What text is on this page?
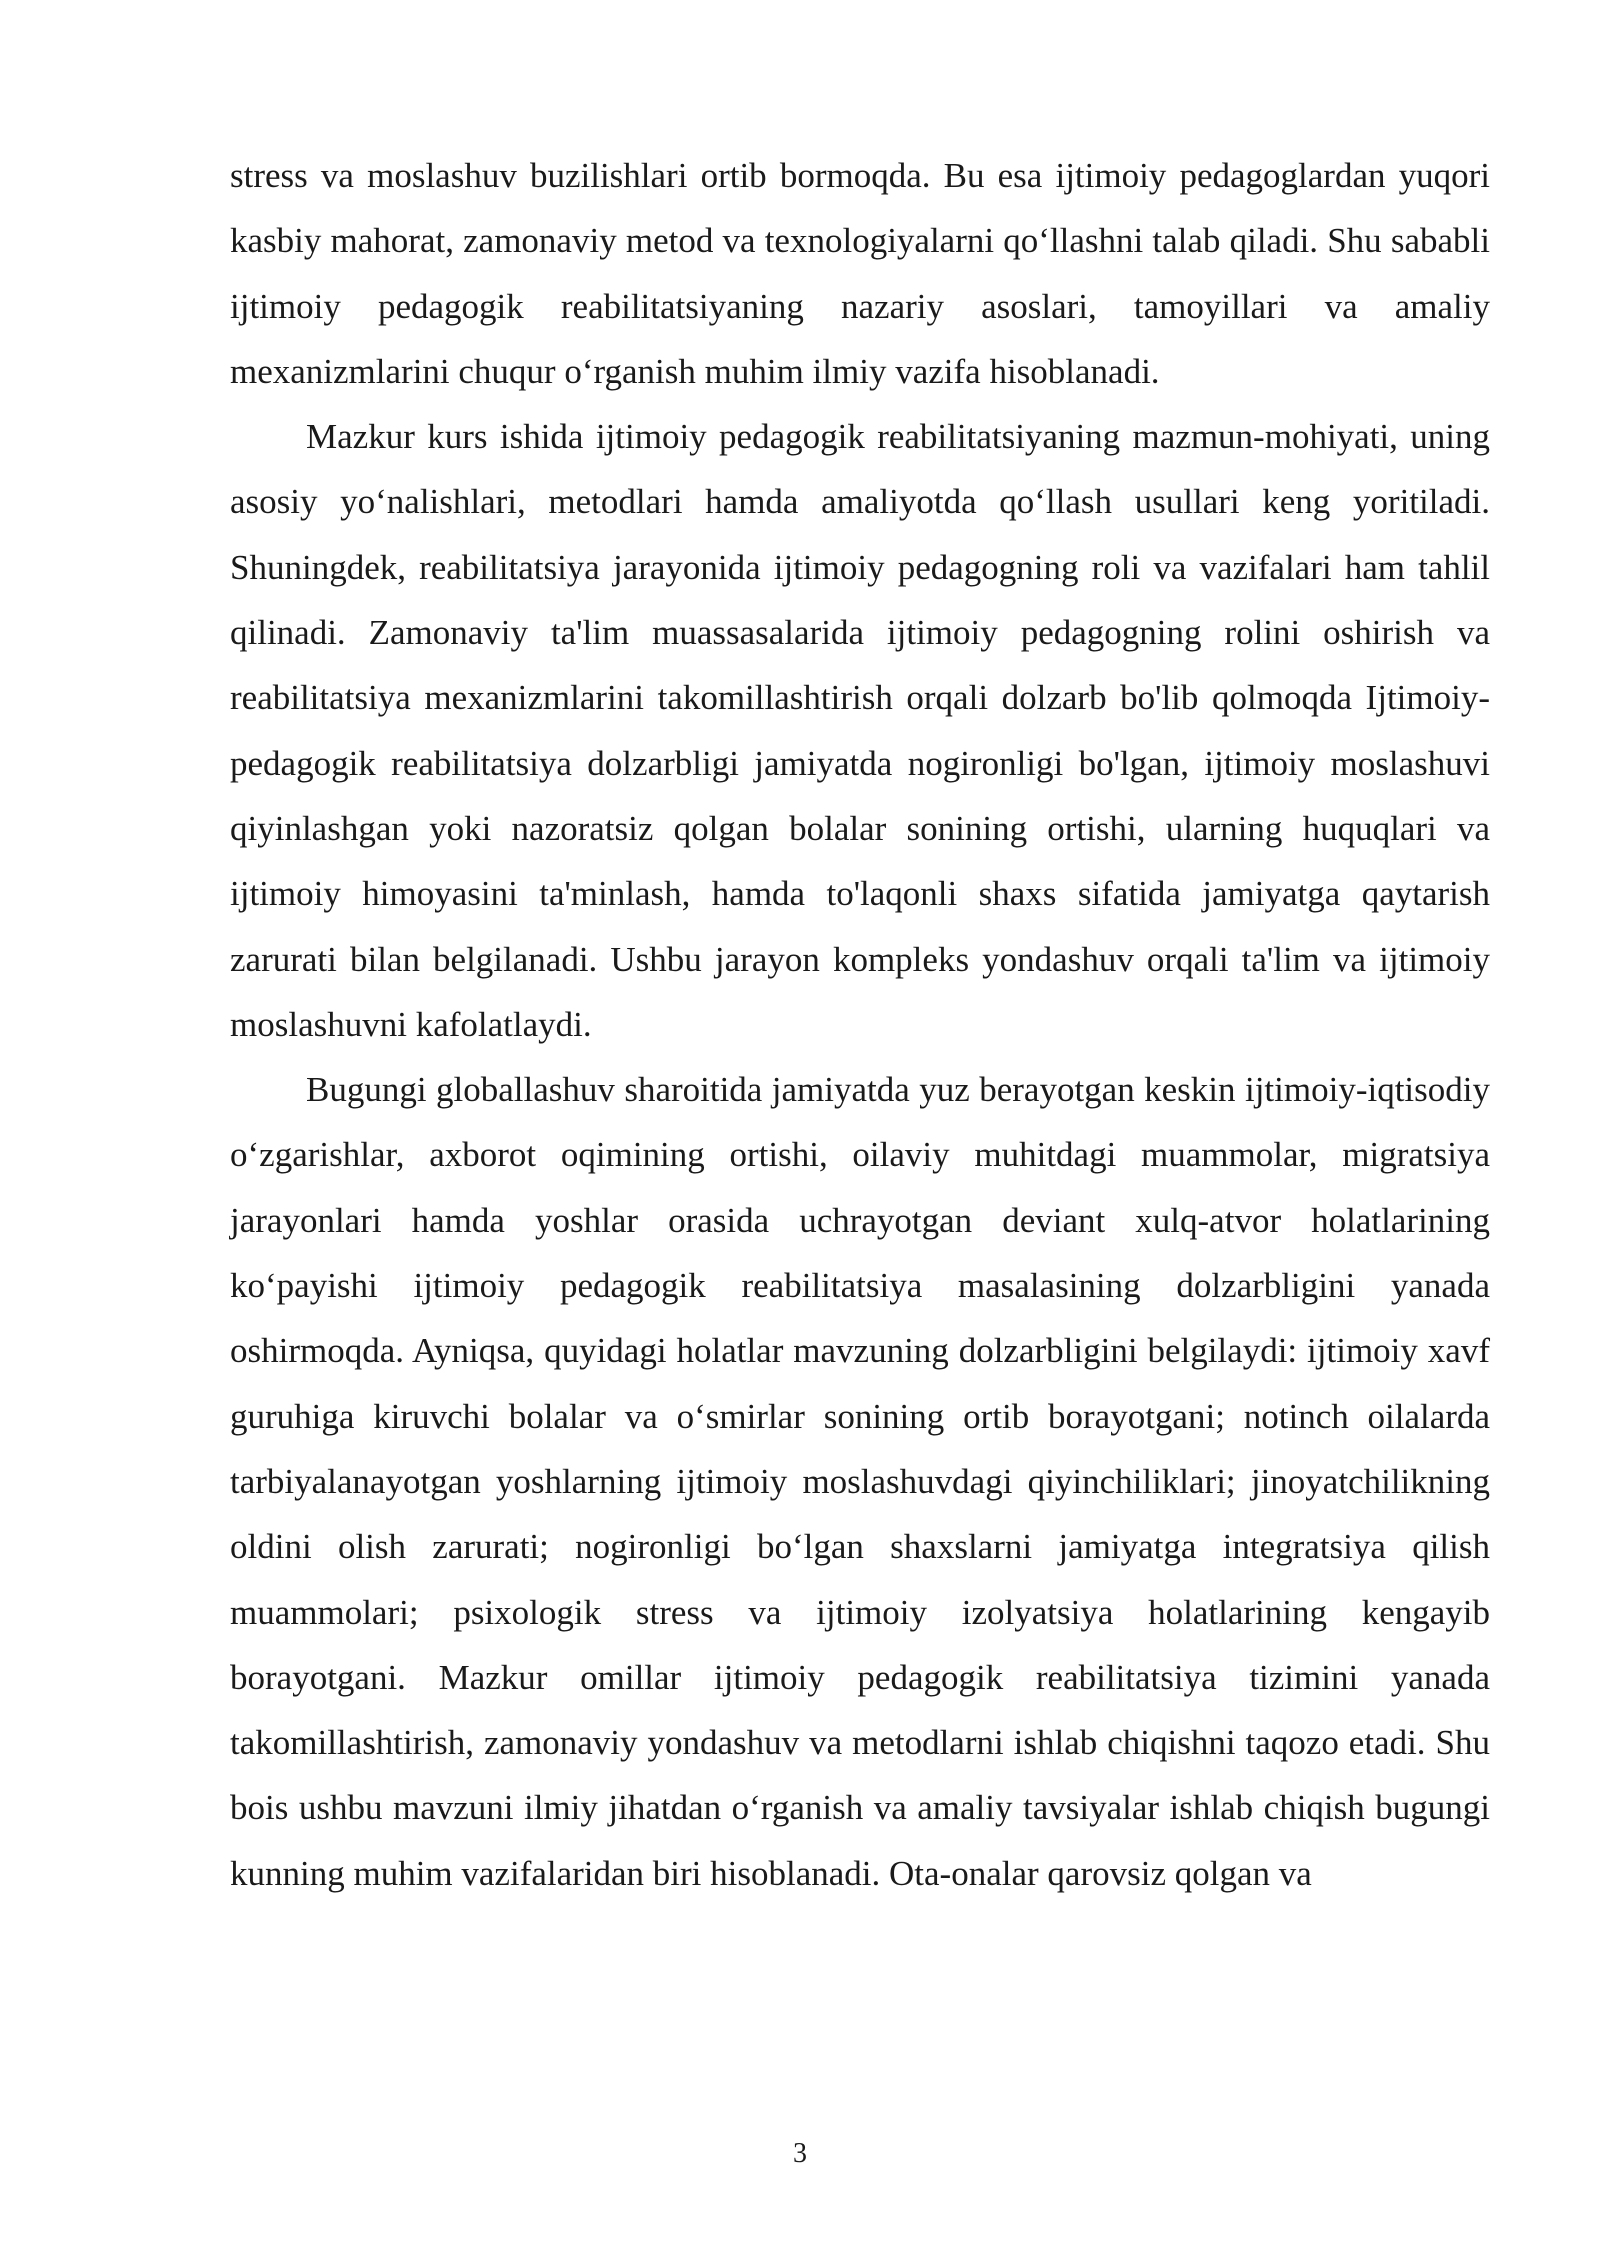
stress va moslashuv buzilishlari ortib bormoqda. Bu esa ijtimoiy pedagoglardan yuqori kasbiy mahorat, zamonaviy metod va texnologiyalarni qo‘llashni talab qiladi. Shu sababli ijtimoiy pedagogik reabilitatsiyaning nazariy asoslari, tamoyillari va amaliy mexanizmlarini chuqur o‘rganish muhim ilmiy vazifa hisoblanadi.

Mazkur kurs ishida ijtimoiy pedagogik reabilitatsiyaning mazmun-mohiyati, uning asosiy yo‘nalishlari, metodlari hamda amaliyotda qo‘llash usullari keng yoritiladi. Shuningdek, reabilitatsiya jarayonida ijtimoiy pedagogning roli va vazifalari ham tahlil qilinadi. Zamonaviy ta'lim muassasalarida ijtimoiy pedagogning rolini oshirish va reabilitatsiya mexanizmlarini takomillashtirish orqali dolzarb bo'lib qolmoqda Ijtimoiy-pedagogik reabilitatsiya dolzarbligi jamiyatda nogironligi bo'lgan, ijtimoiy moslashuvi qiyinlashgan yoki nazoratsiz qolgan bolalar sonining ortishi, ularning huquqlari va ijtimoiy himoyasini ta'minlash, hamda to'laqonli shaxs sifatida jamiyatga qaytarish zarurati bilan belgilanadi. Ushbu jarayon kompleks yondashuv orqali ta'lim va ijtimoiy moslashuvni kafolatlaydi.

Bugungi globallashuv sharoitida jamiyatda yuz berayotgan keskin ijtimoiy-iqtisodiy o‘zgarishlar, axborot oqimining ortishi, oilaviy muhitdagi muammolar, migratsiya jarayonlari hamda yoshlar orasida uchrayotgan deviant xulq-atvor holatlarining ko‘payishi ijtimoiy pedagogik reabilitatsiya masalasining dolzarbligini yanada oshirmoqda. Ayniqsa, quyidagi holatlar mavzuning dolzarbligini belgilaydi: ijtimoiy xavf guruhiga kiruvchi bolalar va o‘smirlar sonining ortib borayotgani; notinch oilalarda tarbiyalanayotgan yoshlarning ijtimoiy moslashuvdagi qiyinchiliklari; jinoyatchilikning oldini olish zarurati; nogironligi bo‘lgan shaxslarni jamiyatga integratsiya qilish muammolari; psixologik stress va ijtimoiy izolyatsiya holatlarining kengayib borayotgani. Mazkur omillar ijtimoiy pedagogik reabilitatsiya tizimini yanada takomillashtirish, zamonaviy yondashuv va metodlarni ishlab chiqishni taqozo etadi. Shu bois ushbu mavzuni ilmiy jihatdan o‘rganish va amaliy tavsiyalar ishlab chiqish bugungi kunning muhim vazifalaridan biri hisoblanadi. Ota-onalar qarovsiz qolgan va

3
